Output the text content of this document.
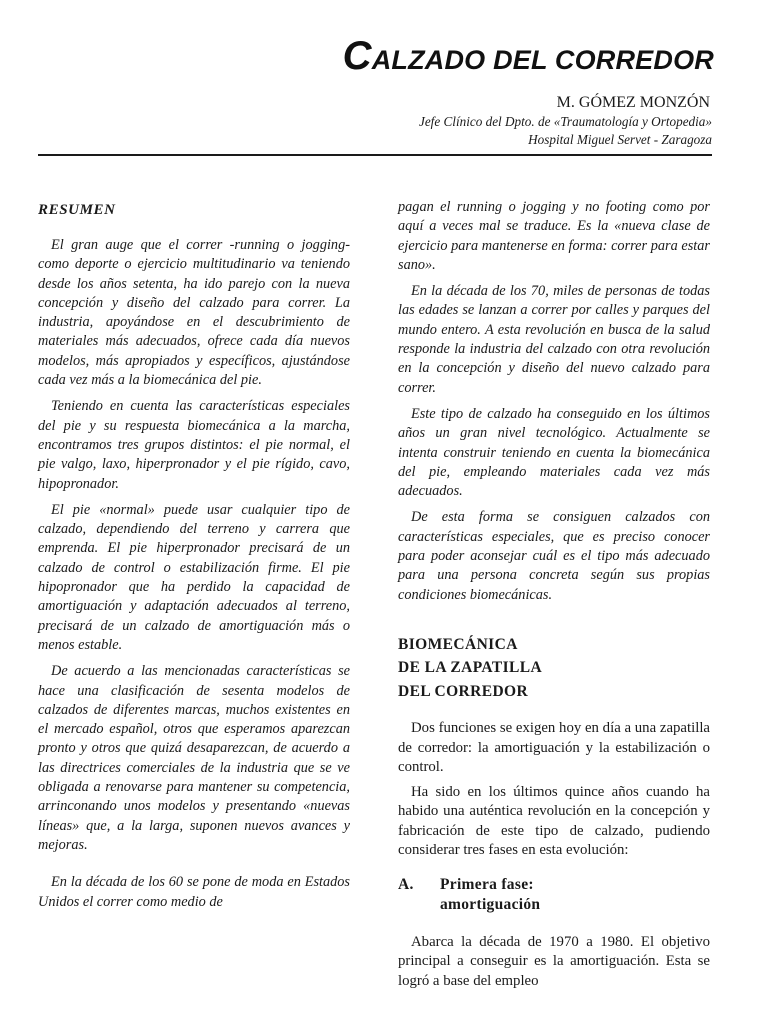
CALZADO DEL CORREDOR
M. GÓMEZ MONZÓN
Jefe Clínico del Dpto. de «Traumatología y Ortopedia»
Hospital Miguel Servet - Zaragoza
RESUMEN

El gran auge que el correr -running o jogging- como deporte o ejercicio multitudinario va teniendo desde los años setenta, ha ido parejo con la nueva concepción y diseño del calzado para correr. La industria, apoyándose en el descubrimiento de materiales más adecuados, ofrece cada día nuevos modelos, más apropiados y específicos, ajustándose cada vez más a la biomecánica del pie.

Teniendo en cuenta las características especiales del pie y su respuesta biomecánica a la marcha, encontramos tres grupos distintos: el pie normal, el pie valgo, laxo, hiperpronador y el pie rígido, cavo, hipopronador.

El pie «normal» puede usar cualquier tipo de calzado, dependiendo del terreno y carrera que emprenda. El pie hiperpronador precisará de un calzado de control o estabilización firme. El pie hipopronador que ha perdido la capacidad de amortiguación y adaptación adecuados al terreno, precisará de un calzado de amortiguación más o menos estable.

De acuerdo a las mencionadas características se hace una clasificación de sesenta modelos de calzados de diferentes marcas, muchos existentes en el mercado español, otros que esperamos aparezcan pronto y otros que quizá desaparezcan, de acuerdo a las directrices comerciales de la industria que se ve obligada a renovarse para mantener su competencia, arrinconando unos modelos y presentando «nuevas líneas» que, a la larga, suponen nuevos avances y mejoras.

En la década de los 60 se pone de moda en Estados Unidos el correr como medio de

pagan el running o jogging y no footing como por aquí a veces mal se traduce. Es la «nueva clase de ejercicio para mantenerse en forma: correr para estar sano».

En la década de los 70, miles de personas de todas las edades se lanzan a correr por calles y parques del mundo entero. A esta revolución en busca de la salud responde la industria del calzado con otra revolución en la concepción y diseño del nuevo calzado para correr.

Este tipo de calzado ha conseguido en los últimos años un gran nivel tecnológico. Actualmente se intenta construir teniendo en cuenta la biomecánica del pie, empleando materiales cada vez más adecuados.

De esta forma se consiguen calzados con características especiales, que es preciso conocer para poder aconsejar cuál es el tipo más adecuado para una persona concreta según sus propias condiciones biomecánicas.

BIOMECÁNICA
DE LA ZAPATILLA
DEL CORREDOR

Dos funciones se exigen hoy en día a una zapatilla de corredor: la amortiguación y la estabilización o control.

Ha sido en los últimos quince años cuando ha habido una auténtica revolución en la concepción y fabricación de este tipo de calzado, pudiendo considerar tres fases en esta evolución:

A.	Primera fase:
amortiguación

Abarca la década de 1970 a 1980. El objetivo principal a conseguir es la amortiguación. Esta se logró a base del empleo
